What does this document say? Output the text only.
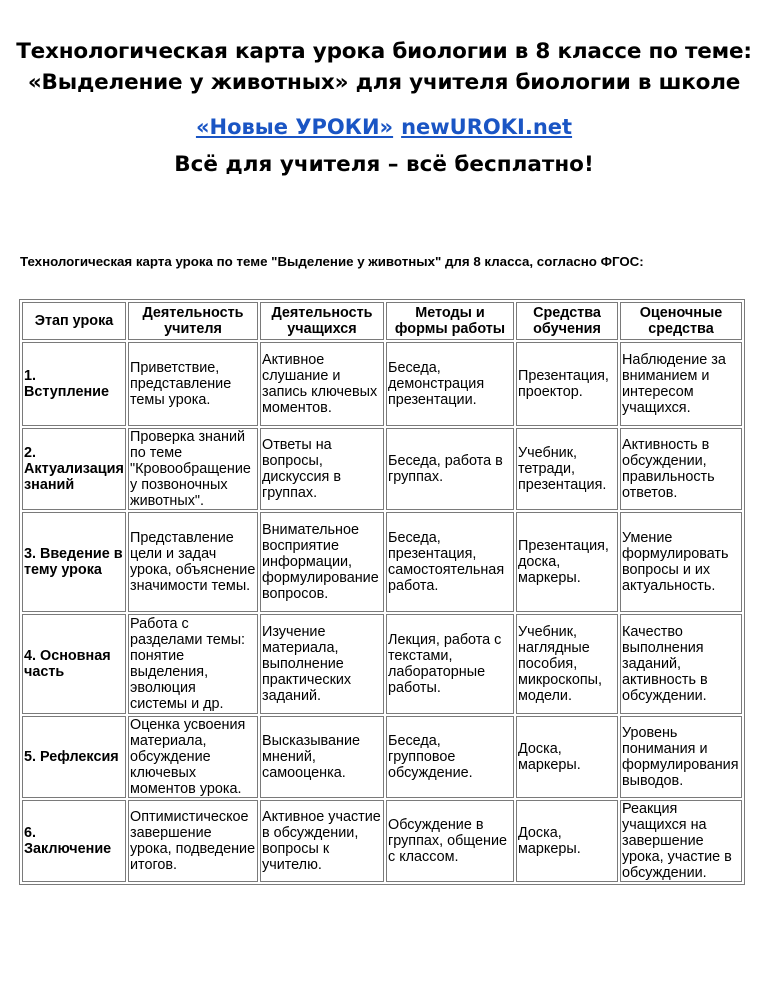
Технологическая карта урока биологии в 8 классе по теме: «Выделение у животных» для учителя биологии в школе
«Новые УРОКИ» newUROKI.net
Всё для учителя – всё бесплатно!
Технологическая карта урока по теме "Выделение у животных" для 8 класса, согласно ФГОС:
Этап урока	Деятельность учителя	Деятельность учащихся	Методы и формы работы	Средства обучения	Оценочные средства
1. Вступление	Приветствие, представление темы урока.	Активное слушание и запись ключевых моментов.	Беседа, демонстрация презентации.	Презентация, проектор.	Наблюдение за вниманием и интересом учащихся.
2. Актуализация знаний	Проверка знаний по теме "Кровообращение у позвоночных животных".	Ответы на вопросы, дискуссия в группах.	Беседа, работа в группах.	Учебник, тетради, презентация.	Активность в обсуждении, правильность ответов.
3. Введение в тему урока	Представление цели и задач урока, объяснение значимости темы.	Внимательное восприятие информации, формулирование вопросов.	Беседа, презентация, самостоятельная работа.	Презентация, доска, маркеры.	Умение формулировать вопросы и их актуальность.
4. Основная часть	Работа с разделами темы: понятие выделения, эволюция системы и др.	Изучение материала, выполнение практических заданий.	Лекция, работа с текстами, лабораторные работы.	Учебник, наглядные пособия, микроскопы, модели.	Качество выполнения заданий, активность в обсуждении.
5. Рефлексия	Оценка усвоения материала, обсуждение ключевых моментов урока.	Высказывание мнений, самооценка.	Беседа, групповое обсуждение.	Доска, маркеры.	Уровень понимания и формулирования выводов.
6. Заключение	Оптимистическое завершение урока, подведение итогов.	Активное участие в обсуждении, вопросы к учителю.	Обсуждение в группах, общение с классом.	Доска, маркеры.	Реакция учащихся на завершение урока, участие в обсуждении.
